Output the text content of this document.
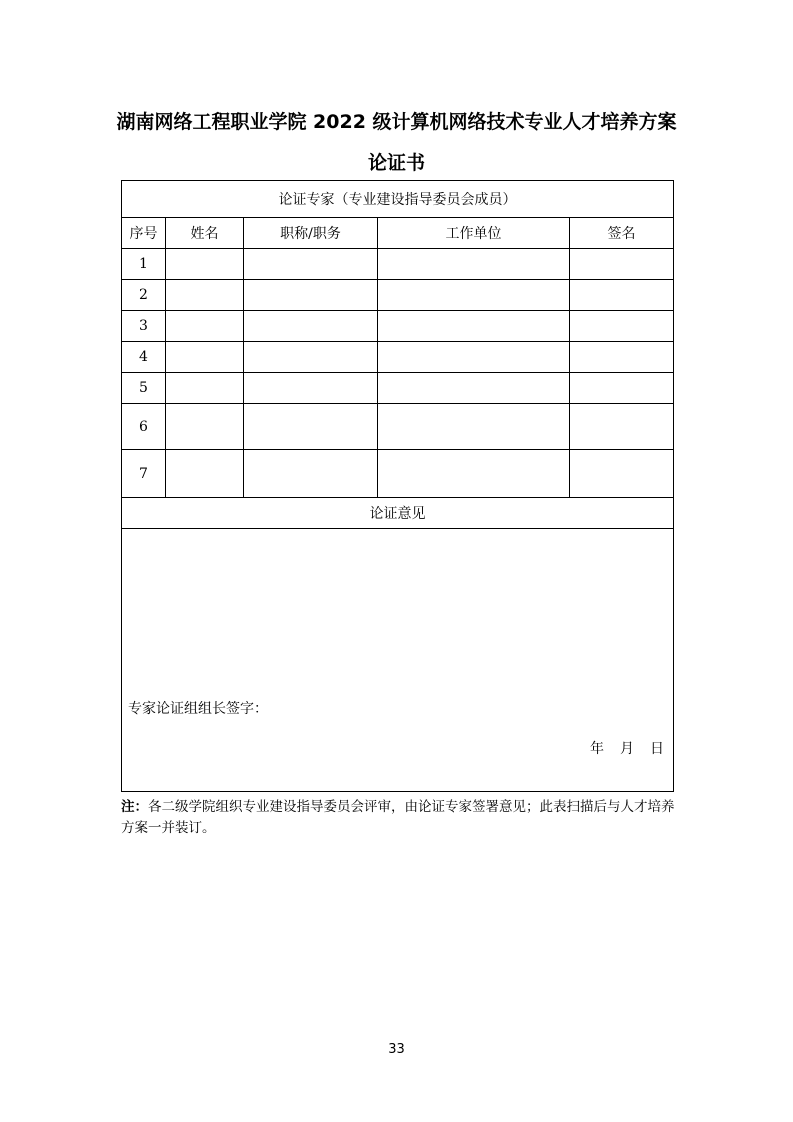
湖南网络工程职业学院 2022 级计算机网络技术专业人才培养方案
论证书
论证专家（专业建设指导委员会成员）				
序号	姓名	职称/职务	工作单位	签名
1				
2				
3				
4				
5				
6				
7				
论证意见				

专家论证组组长签字：
年　月　日				
注：各二级学院组织专业建设指导委员会评审，由论证专家签署意见；此表扫描后与人才培养方案一并装订。
33
